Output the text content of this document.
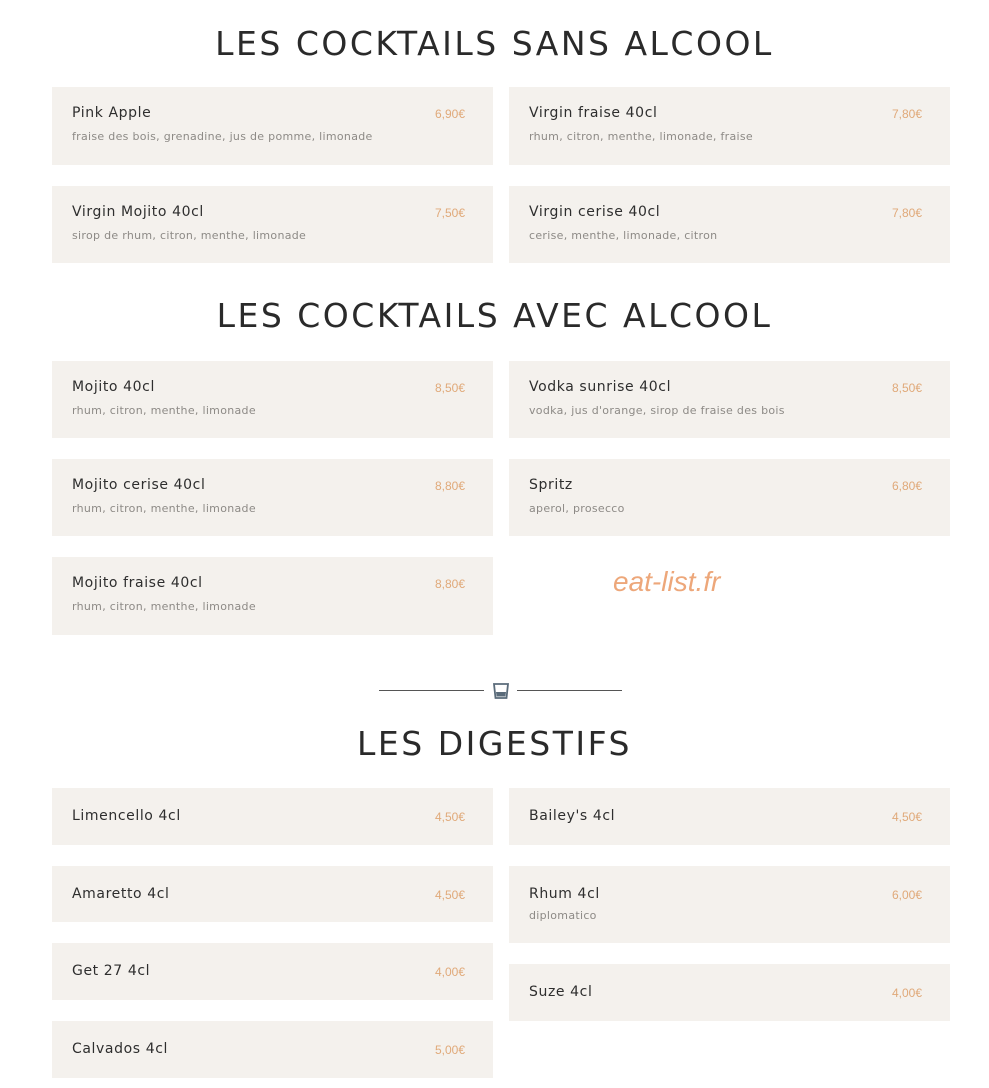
LES COCKTAILS SANS ALCOOL
Pink Apple	6,90€
fraise des bois, grenadine, jus de pomme, limonade
Virgin fraise 40cl	7,80€
rhum, citron, menthe, limonade, fraise
Virgin Mojito 40cl	7,50€
sirop de rhum, citron, menthe, limonade
Virgin cerise 40cl	7,80€
cerise, menthe, limonade, citron
LES COCKTAILS AVEC ALCOOL
Mojito 40cl	8,50€
rhum, citron, menthe, limonade
Vodka sunrise 40cl	8,50€
vodka, jus d'orange, sirop de fraise des bois
Mojito cerise 40cl	8,80€
rhum, citron, menthe, limonade
Spritz	6,80€
aperol, prosecco
Mojito fraise 40cl	8,80€
rhum, citron, menthe, limonade
eat-list.fr
LES DIGESTIFS
Limencello 4cl	4,50€	Bailey's 4cl	4,50€
Amaretto 4cl	4,50€	Rhum 4cl	6,00€
diplomatico
Get 27 4cl	4,00€
Suze 4cl	4,00€
Calvados 4cl	5,00€
